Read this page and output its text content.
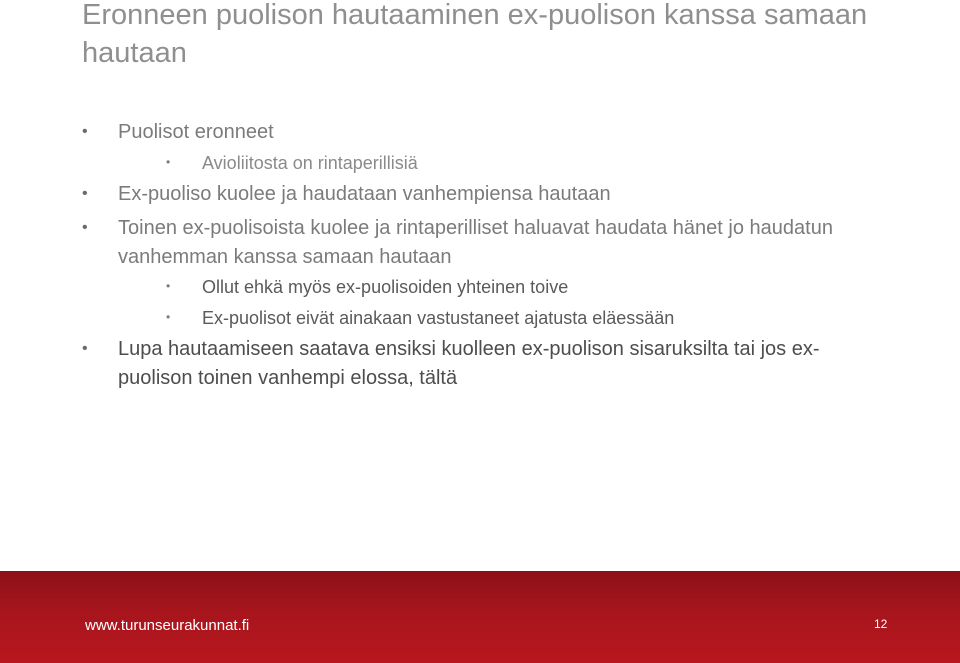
Eronneen puolison hautaaminen ex-puolison kanssa samaan hautaan
• Puolisot eronneet
• Avioliitosta on rintaperillisiä
• Ex-puoliso kuolee ja haudataan vanhempiensa hautaan
• Toinen ex-puolisoista kuolee ja rintaperilliset haluavat haudata hänet jo haudatun vanhemman kanssa samaan hautaan
• Ollut ehkä myös ex-puolisoiden yhteinen toive
• Ex-puolisot eivät ainakaan vastustaneet ajatusta eläessään
• Lupa hautaamiseen saatava ensiksi kuolleen ex-puolison sisaruksilta tai jos ex-puolison toinen vanhempi elossa, tältä
www.turunseurakunnat.fi	12
